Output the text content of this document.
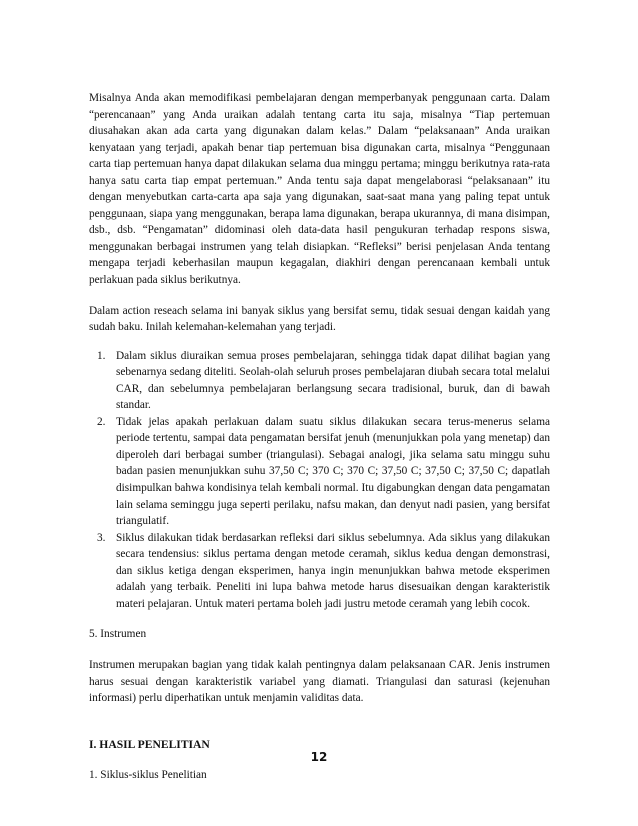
Misalnya Anda akan memodifikasi pembelajaran dengan memperbanyak penggunaan carta. Dalam “perencanaan” yang Anda uraikan adalah tentang carta itu saja, misalnya “Tiap pertemuan diusahakan akan ada carta yang digunakan dalam kelas.” Dalam “pelaksanaan” Anda uraikan kenyataan yang terjadi, apakah benar tiap pertemuan bisa digunakan carta, misalnya “Penggunaan carta tiap pertemuan hanya dapat dilakukan selama dua minggu pertama; minggu berikutnya rata-rata hanya satu carta tiap empat pertemuan.” Anda tentu saja dapat mengelaborasi “pelaksanaan” itu dengan menyebutkan carta-carta apa saja yang digunakan, saat-saat mana yang paling tepat untuk penggunaan, siapa yang menggunakan, berapa lama digunakan, berapa ukurannya, di mana disimpan, dsb., dsb. “Pengamatan” didominasi oleh data-data hasil pengukuran terhadap respons siswa, menggunakan berbagai instrumen yang telah disiapkan. “Refleksi” berisi penjelasan Anda tentang mengapa terjadi keberhasilan maupun kegagalan, diakhiri dengan perencanaan kembali untuk perlakuan pada siklus berikutnya.

Dalam action reseach selama ini banyak siklus yang bersifat semu, tidak sesuai dengan kaidah yang sudah baku. Inilah kelemahan-kelemahan yang terjadi.

1. Dalam siklus diuraikan semua proses pembelajaran, sehingga tidak dapat dilihat bagian yang sebenarnya sedang diteliti. Seolah-olah seluruh proses pembelajaran diubah secara total melalui CAR, dan sebelumnya pembelajaran berlangsung secara tradisional, buruk, dan di bawah standar.
2. Tidak jelas apakah perlakuan dalam suatu siklus dilakukan secara terus-menerus selama periode tertentu, sampai data pengamatan bersifat jenuh (menunjukkan pola yang menetap) dan diperoleh dari berbagai sumber (triangulasi). Sebagai analogi, jika selama satu minggu suhu badan pasien menunjukkan suhu 37,50 C; 370 C; 370 C; 37,50 C; 37,50 C; 37,50 C; dapatlah disimpulkan bahwa kondisinya telah kembali normal. Itu digabungkan dengan data pengamatan lain selama seminggu juga seperti perilaku, nafsu makan, dan denyut nadi pasien, yang bersifat triangulatif.
3. Siklus dilakukan tidak berdasarkan refleksi dari siklus sebelumnya. Ada siklus yang dilakukan secara tendensius: siklus pertama dengan metode ceramah, siklus kedua dengan demonstrasi, dan siklus ketiga dengan eksperimen, hanya ingin menunjukkan bahwa metode eksperimen adalah yang terbaik. Peneliti ini lupa bahwa metode harus disesuaikan dengan karakteristik materi pelajaran. Untuk materi pertama boleh jadi justru metode ceramah yang lebih cocok.

5. Instrumen

Instrumen merupakan bagian yang tidak kalah pentingnya dalam pelaksanaan CAR. Jenis instrumen harus sesuai dengan karakteristik variabel yang diamati. Triangulasi dan saturasi (kejenuhan informasi) perlu diperhatikan untuk menjamin validitas data.

I. HASIL PENELITIAN

1. Siklus-siklus Penelitian

12
